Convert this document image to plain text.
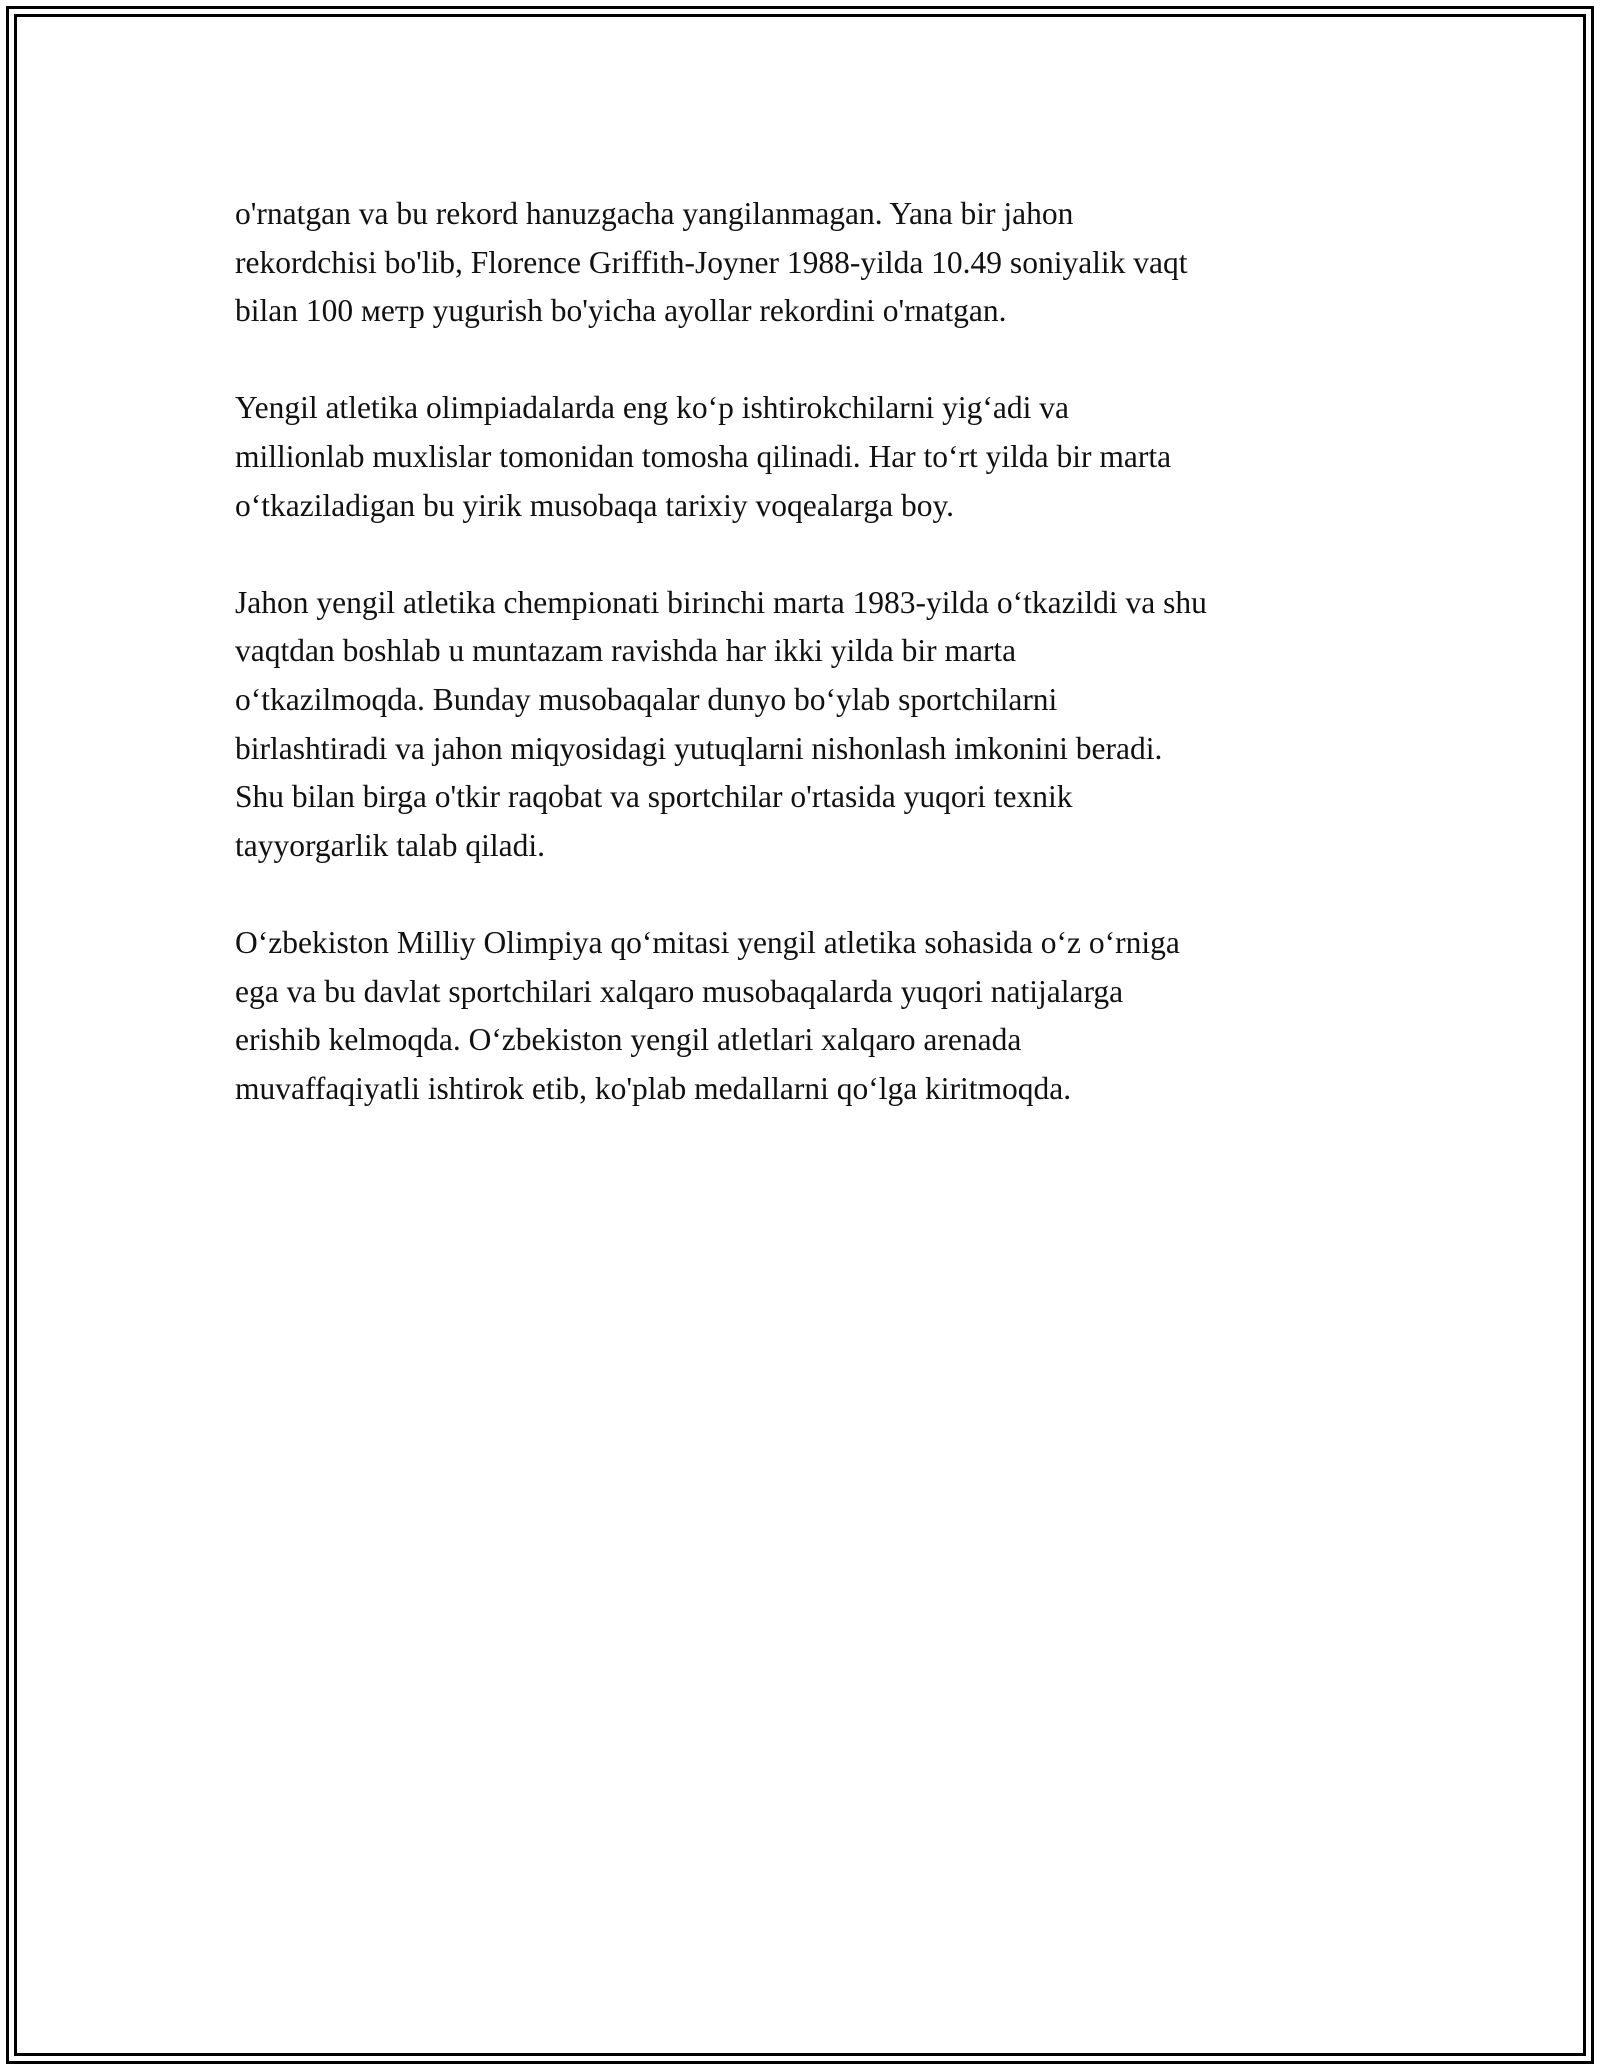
o'rnatgan va bu rekord hanuzgacha yangilanmagan. Yana bir jahon
rekordchisi bo'lib, Florence Griffith-Joyner 1988-yilda 10.49 soniyalik vaqt
bilan 100 метр yugurish bo'yicha ayollar rekordini o'rnatgan.

Yengil atletika olimpiadalarda eng ko‘p ishtirokchilarni yig‘adi va
millionlab muxlislar tomonidan tomosha qilinadi. Har to‘rt yilda bir marta
o‘tkaziladigan bu yirik musobaqa tarixiy voqealarga boy.

Jahon yengil atletika chempionati birinchi marta 1983-yilda o‘tkazildi va shu
vaqtdan boshlab u muntazam ravishda har ikki yilda bir marta
o‘tkazilmoqda. Bunday musobaqalar dunyo bo‘ylab sportchilarni
birlashtiradi va jahon miqyosidagi yutuqlarni nishonlash imkonini beradi.
Shu bilan birga o'tkir raqobat va sportchilar o'rtasida yuqori texnik
tayyorgarlik talab qiladi.

O‘zbekiston Milliy Olimpiya qo‘mitasi yengil atletika sohasida o‘z o‘rniga
ega va bu davlat sportchilari xalqaro musobaqalarda yuqori natijalarga
erishib kelmoqda. O‘zbekiston yengil atletlari xalqaro arenada
muvaffaqiyatli ishtirok etib, ko'plab medallarni qo‘lga kiritmoqda.
